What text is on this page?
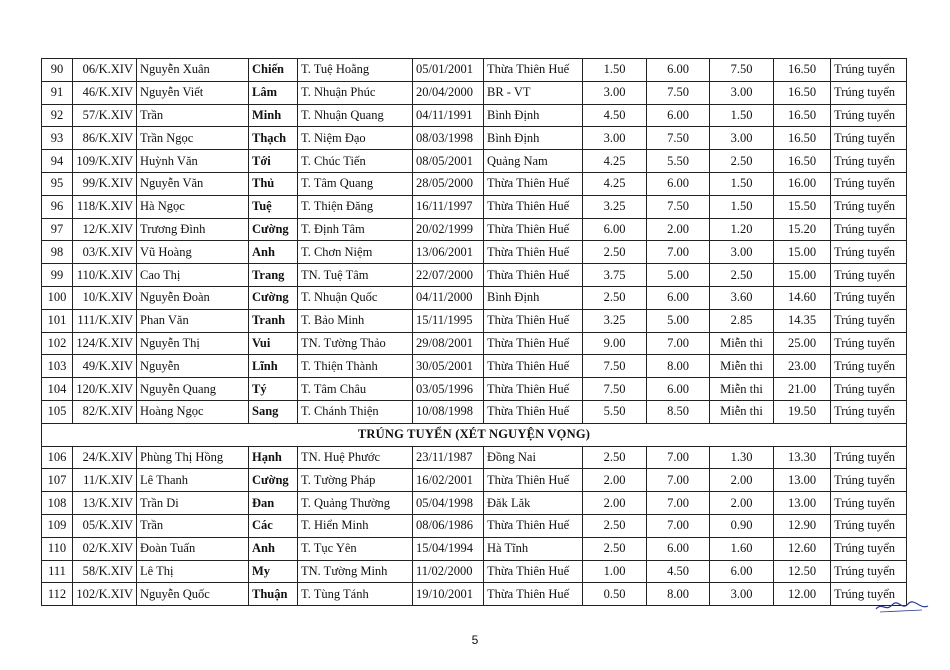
90	06/K.XIV	Nguyễn Xuân	Chiến	T. Tuệ Hoằng	05/01/2001	Thừa Thiên Huế	1.50	6.00	7.50	16.50	Trúng tuyển
91	46/K.XIV	Nguyễn Viết	Lâm	T. Nhuận Phúc	20/04/2000	BR - VT	3.00	7.50	3.00	16.50	Trúng tuyển
92	57/K.XIV	Trần	Minh	T. Nhuận Quang	04/11/1991	Bình Định	4.50	6.00	1.50	16.50	Trúng tuyển
93	86/K.XIV	Trần Ngọc	Thạch	T. Niệm Đạo	08/03/1998	Bình Định	3.00	7.50	3.00	16.50	Trúng tuyển
94	109/K.XIV	Huỳnh Văn	Tới	T. Chúc Tiến	08/05/2001	Quảng Nam	4.25	5.50	2.50	16.50	Trúng tuyển
95	99/K.XIV	Nguyễn Văn	Thủ	T. Tâm Quang	28/05/2000	Thừa Thiên Huế	4.25	6.00	1.50	16.00	Trúng tuyển
96	118/K.XIV	Hà Ngọc	Tuệ	T. Thiện Đăng	16/11/1997	Thừa Thiên Huế	3.25	7.50	1.50	15.50	Trúng tuyển
97	12/K.XIV	Trương Đình	Cường	T. Định Tâm	20/02/1999	Thừa Thiên Huế	6.00	2.00	1.20	15.20	Trúng tuyển
98	03/K.XIV	Vũ Hoàng	Anh	T. Chơn Niệm	13/06/2001	Thừa Thiên Huế	2.50	7.00	3.00	15.00	Trúng tuyển
99	110/K.XIV	Cao Thị	Trang	TN. Tuệ Tâm	22/07/2000	Thừa Thiên Huế	3.75	5.00	2.50	15.00	Trúng tuyển
100	10/K.XIV	Nguyễn Đoàn	Cường	T. Nhuận Quốc	04/11/2000	Bình Định	2.50	6.00	3.60	14.60	Trúng tuyển
101	111/K.XIV	Phan Văn	Tranh	T. Bảo Minh	15/11/1995	Thừa Thiên Huế	3.25	5.00	2.85	14.35	Trúng tuyển
102	124/K.XIV	Nguyễn Thị	Vui	TN. Tường Thảo	29/08/2001	Thừa Thiên Huế	9.00	7.00	Miễn thi	25.00	Trúng tuyển
103	49/K.XIV	Nguyễn	Lĩnh	T. Thiện Thành	30/05/2001	Thừa Thiên Huế	7.50	8.00	Miễn thi	23.00	Trúng tuyển
104	120/K.XIV	Nguyễn Quang	Tý	T. Tâm Châu	03/05/1996	Thừa Thiên Huế	7.50	6.00	Miễn thi	21.00	Trúng tuyển
105	82/K.XIV	Hoàng Ngọc	Sang	T. Chánh Thiện	10/08/1998	Thừa Thiên Huế	5.50	8.50	Miễn thi	19.50	Trúng tuyển
TRÚNG TUYỂN (XÉT NGUYỆN VỌNG)											
106	24/K.XIV	Phùng Thị Hồng	Hạnh	TN. Huệ Phước	23/11/1987	Đồng Nai	2.50	7.00	1.30	13.30	Trúng tuyển
107	11/K.XIV	Lê Thanh	Cường	T. Tường Pháp	16/02/2001	Thừa Thiên Huế	2.00	7.00	2.00	13.00	Trúng tuyển
108	13/K.XIV	Trần Di	Đan	T. Quảng Thường	05/04/1998	Đăk Lăk	2.00	7.00	2.00	13.00	Trúng tuyển
109	05/K.XIV	Trần	Các	T. Hiển Minh	08/06/1986	Thừa Thiên Huế	2.50	7.00	0.90	12.90	Trúng tuyển
110	02/K.XIV	Đoàn Tuấn	Anh	T. Tục Yên	15/04/1994	Hà Tĩnh	2.50	6.00	1.60	12.60	Trúng tuyển
111	58/K.XIV	Lê Thị	My	TN. Tường Minh	11/02/2000	Thừa Thiên Huế	1.00	4.50	6.00	12.50	Trúng tuyển
112	102/K.XIV	Nguyễn Quốc	Thuận	T. Tùng Tánh	19/10/2001	Thừa Thiên Huế	0.50	8.00	3.00	12.00	Trúng tuyển
5
